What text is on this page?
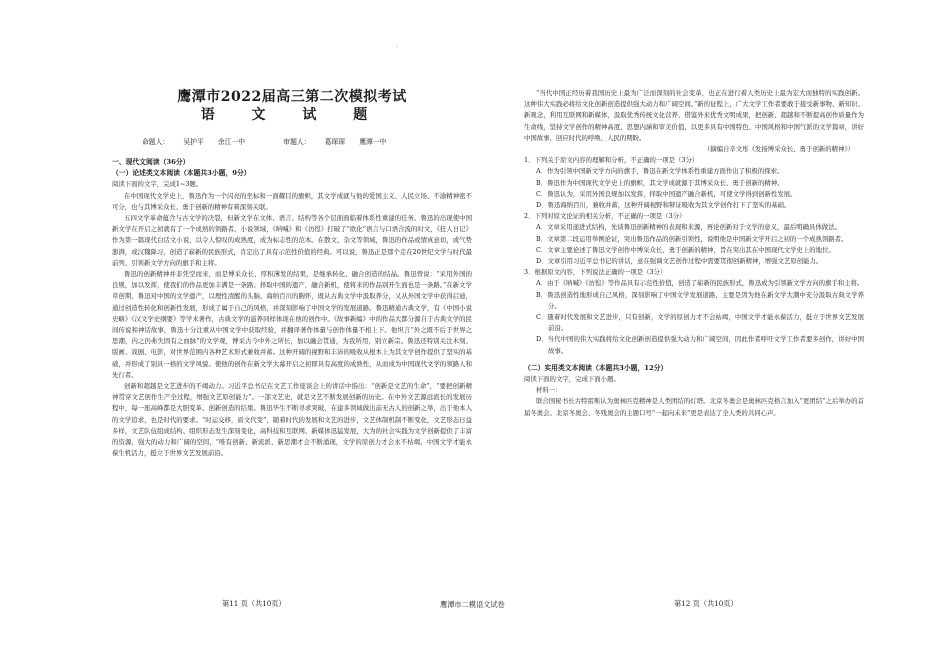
·
鹰潭市2022届高三第二次模拟考试
语 文 试 题
命题人： 吴护平 余江一中	审题人： 葛琛琛 鹰潭一中
一、现代文阅读（36分）
（一）论述类文本阅读（本题共3小题，9分）
阅读下面的文字，完成1~3题。
在中国现代文学史上，鲁迅作为一个闪亮的坐标和一面耀目的旗帜，其文学成就与他的爱国主义、人民立场、不渝精神密不可分，也与其博采众长、勇于创新的精神有着深刻关联。
五四文学革命蕴含与古文学的决裂，但新文学在文体、语言、结构等各个层面面临着体系性重建的任务。鲁迅的出现使中国新文学在开启之初就有了一个成熟的领路者。小说领域，《呐喊》和《彷徨》打破了“欧化”语言与口语合流的时文，《狂人日记》作为第一篇现代白话文小说，以令人惊叹的成熟度，成为标志性的范本。在散文、杂文等领域，鲁迅的作品或情真意切，或气势澎湃，或汉魏降习，创造了崭新的民族形式，肯定出了具有示范性价值的经典。可以说，鲁迅正是那个走在20世纪文学与时代最前列、引领新文学方向的旗手和主将。
鲁迅的创新精神并非凭空而来，而是博采众长、厚积薄发的结果，是继承转化、融合创造的结晶。鲁迅曾说：“采用外国的良规，加以发挥，使我们的作品更加丰满是一条路；择取中国的遗产，融合新机，使将来的作品别开生面也是一条路。”在新文学草创期，鲁迅对中国的文学遗产，以理性清醒的头脑、海纳百川的胸怀，既从古典文学中汲取养分，又从外国文学中获得启迪，通过创造性转化和创新性发展，形成了属于自己的风格，并深刻影响了中国文学的发展道路。鲁迅精通古典文学，有《中国小说史略》《汉文学史纲要》等学术著作，古典文学的滋养同样体现在他的创作中。《故事新编》中的作品大都分源自于古典文学的民间传说和神话故事，鲁迅十分注重从中国文学中获取经验，并翻译著作体量与创作体量不相上下。他坦言“外之既不后于世界之思潮，内之仍弗失固有之血脉”的文学观，博采古今中外之所长，加以融会贯通，为我所用，别立新宗。鲁迅还特别关注木刻、版画、戏剧、电影，对世界范围内各种艺术形式兼收并蓄。这种开阔的视野和丰沛的吸收从根本上为其文学创作提供了坚实的基础，并形成了别具一格的文学风貌。使他的创作在新文学大幕开启之初即具有高度的成熟性，从而成为中国现代文学的领路人和先行者。
创新和超越是文艺进步的不竭动力。习近平总书记在文艺工作座谈会上的讲话中指出：“创新是文艺的生命”，“要把创新精神贯穿文艺创作生产全过程，增强文艺原创能力”。一部文艺史，就是文艺不断发展创新的历史。在中外文艺源远流长的发展历程中，每一座高峰都是大胆变革、创新创造的结果。鲁迅毕生不断寻求突破，在建多领域做出前无古人的创新之举，出于他本人的文学追求，也是时代的要求。“时运交移，质文代变”，随着时代的发展和文艺的进步，文艺体制机制不断变化，文艺形态日益多样，文艺队伍组成结构、组织形态发生深刻变化，高科技和互联网、新媒体迅猛发展，大为的社会实践为文学创新提供了丰富的资源，强大的动力和广阔的空间，“唯有创新、新流派、新思潮才会不断涌现，文学的原创力才会永不枯竭，中国文学才能永葆生机活力，挺立于世界文艺发展前沿。
第11 页（共10页）	鹰潭市二模语文试卷
“当代中国正经历着我国历史上最为广泛而深刻的社会变革，也正在进行着人类历史上最为宏大而独特的实践创新。这种伟大实践必将给文化创新创造提供强大动力和广阔空间。”新的征程上，广大文学工作者要敢于接受新事物、新知识、新观念，利用互联网和新媒体，汲取优秀传统文化营养，借鉴外来优秀文明成果，把创新、超越和不断提高创作质量作为生命线，坚持文学创作的精神高度、思想内涵和审美价值，以更多具有中国特色、中国风格和中国气派的文学篇章，讲好中国故事，回应时代的呼唤、人民的期盼。
（摘编自辛文彤《发扬博采众长、勇于创新的精神》）
1．下列关于原文内容的理解和分析，不正确的一项是（3分）
A．作为引领中国新文学方向的旗手，鲁迅在新文学体系性重建方面作出了积极的探索。
B．鲁迅作为中国现代文学史上的旗帜，其文学成就源于其博采众长、勇于创新的精神。
C．鲁迅认为，采用外国良规加以发挥，择取中国遗产融合新机，可使文学得到创新性发展。
D．鲁迅海纳百川，兼收并蓄，这种开阔视野和辩证吸收为其文学创作打下了坚实的基础。
2．下列对原文论证的相关分析，不正确的一项是（3分）
A．文章采用递进式结构，先谈鲁迅创新精神的表现和来源，再论创新对于文学的意义，最后明确具体做法。
B．文章第二段运用举例论证，突出鲁迅作品的创新引领性，说明他是中国新文学开启之初的一个成熟领路者。
C．文章主要论述了鲁迅文学创作中博采众长、勇于创新的精神，旨在突出其在中国现代文学史上的地位。
D．文章引用习近平总书记的讲话，意在强调文艺创作过程中需要贯彻创新精神，增强文艺原创能力。
3．根据原文内容，下列说法正确的一项是（3分）
A．由于《呐喊》《彷徨》等作品具有示范性价值，创造了崭新的民族形式，鲁迅成为引领新文学方向的旗手和主将。
B．鲁迅创造性地形成自己风格，深刻影响了中国文学发展道路，主要是因为他在新文学大潮中充分汲取古典文学养分。
C．随着时代发展和文艺进步，只有创新，文学的原创力才不会枯竭，中国文学才能永葆活力，挺立于世界文艺发展前沿。
D．当代中国的伟大实践将给文化创新创造提供强大动力和广阔空间，因此作者呼吁文学工作者要多创作，讲好中国故事。
（二）实用类文本阅读（本题共3小题，12分）
阅读下面的文字，完成下面小题。
材料一：
联合国秘书长古特雷斯认为奥林匹克精神是人类团结的灯塔。北京冬奥会是奥林匹克格言加入“更团结”之后举办的首届冬奥会。北京冬奥会、冬残奥会的主题口号“一起向未来”更是表达了全人类的共同心声。
第12 页（共10页）
